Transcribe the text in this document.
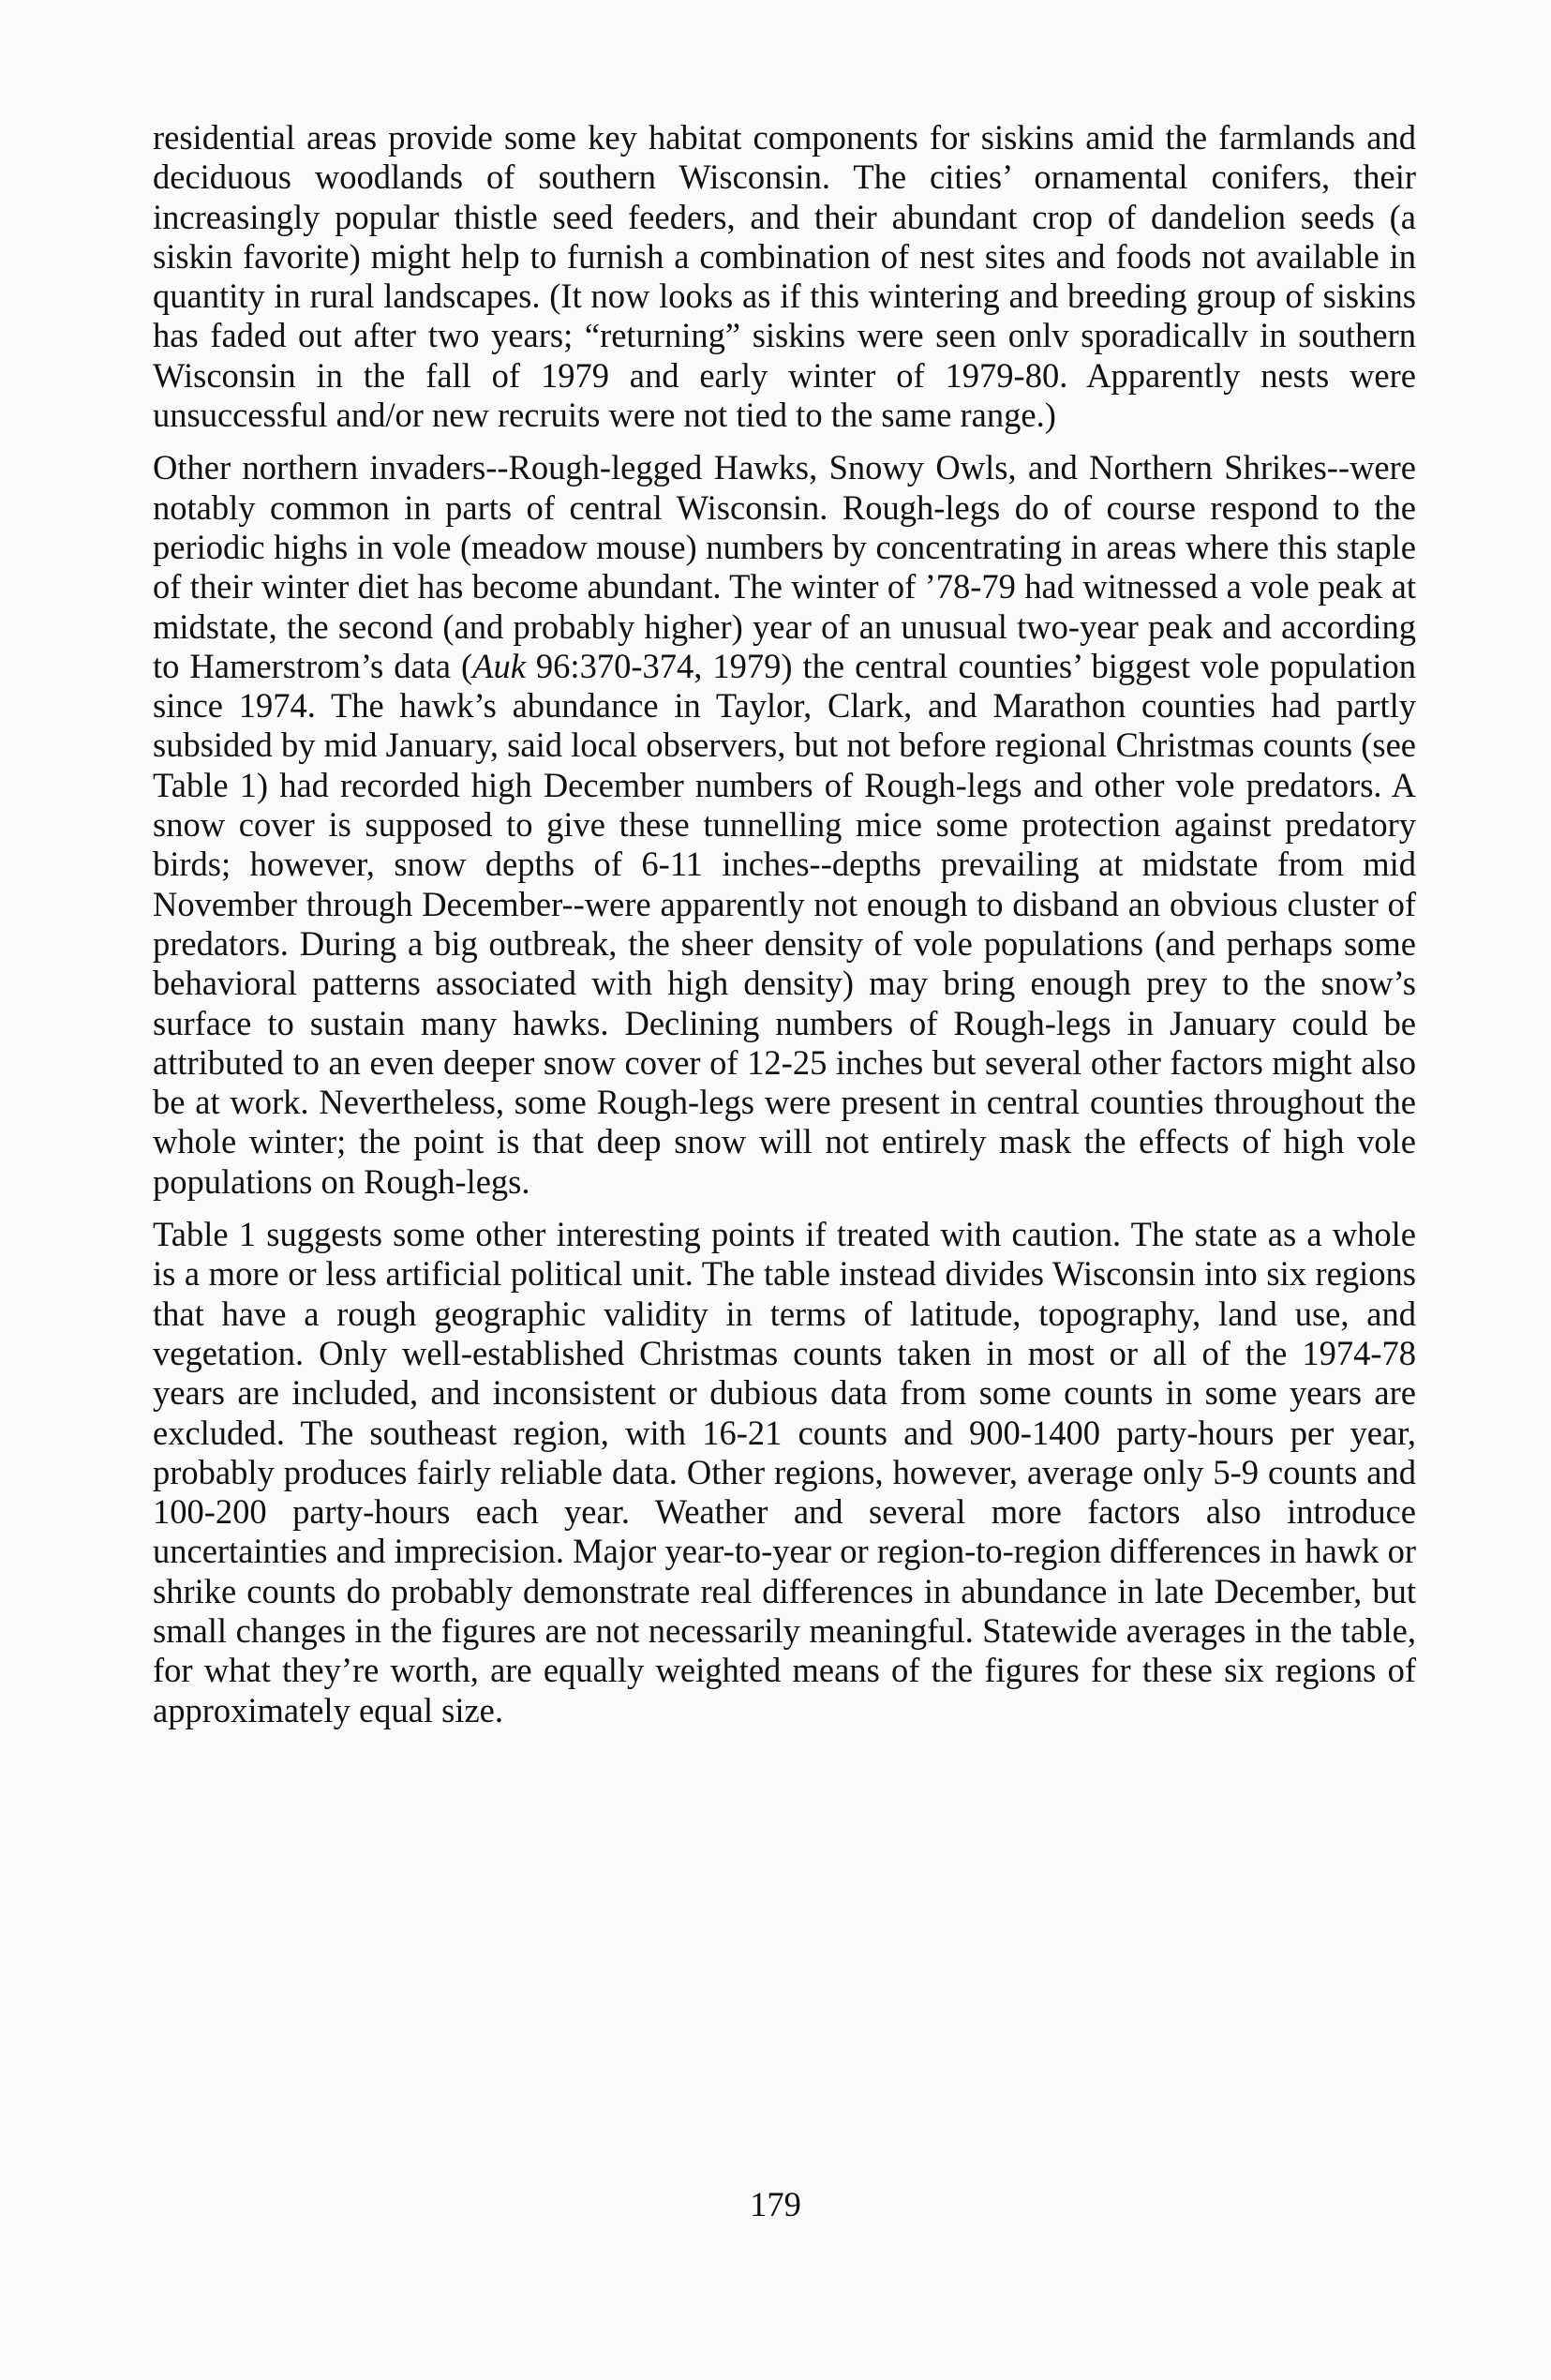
residential areas provide some key habitat components for siskins amid the farmlands and deciduous woodlands of southern Wisconsin. The cities’ ornamental conifers, their increasingly popular thistle seed feeders, and their abundant crop of dandelion seeds (a siskin favorite) might help to furnish a combination of nest sites and foods not available in quantity in rural landscapes. (It now looks as if this wintering and breeding group of siskins has faded out after two years; “returning” siskins were seen onlv sporadicallv in southern Wisconsin in the fall of 1979 and early winter of 1979-80. Apparently nests were unsuccessful and/or new recruits were not tied to the same range.)

Other northern invaders--Rough-legged Hawks, Snowy Owls, and Northern Shrikes--were notably common in parts of central Wisconsin. Rough-legs do of course respond to the periodic highs in vole (meadow mouse) numbers by concentrating in areas where this staple of their winter diet has become abundant. The winter of ’78-79 had witnessed a vole peak at midstate, the second (and probably higher) year of an unusual two-year peak and according to Hamerstrom’s data (Auk 96:370-374, 1979) the central counties’ biggest vole population since 1974. The hawk’s abundance in Taylor, Clark, and Marathon counties had partly subsided by mid January, said local observers, but not before regional Christmas counts (see Table 1) had recorded high December numbers of Rough-legs and other vole predators. A snow cover is supposed to give these tunnelling mice some protection against predatory birds; however, snow depths of 6-11 inches--depths prevailing at midstate from mid November through December--were apparently not enough to disband an obvious cluster of predators. During a big outbreak, the sheer density of vole populations (and perhaps some behavioral patterns associated with high density) may bring enough prey to the snow’s surface to sustain many hawks. Declining numbers of Rough-legs in January could be attributed to an even deeper snow cover of 12-25 inches but several other factors might also be at work. Nevertheless, some Rough-legs were present in central counties throughout the whole winter; the point is that deep snow will not entirely mask the effects of high vole populations on Rough-legs.

Table 1 suggests some other interesting points if treated with caution. The state as a whole is a more or less artificial political unit. The table instead divides Wisconsin into six regions that have a rough geographic validity in terms of latitude, topography, land use, and vegetation. Only well-established Christmas counts taken in most or all of the 1974-78 years are included, and inconsistent or dubious data from some counts in some years are excluded. The southeast region, with 16-21 counts and 900-1400 party-hours per year, probably produces fairly reliable data. Other regions, however, average only 5-9 counts and 100-200 party-hours each year. Weather and several more factors also introduce uncertainties and imprecision. Major year-to-year or region-to-region differences in hawk or shrike counts do probably demonstrate real differences in abundance in late December, but small changes in the figures are not necessarily meaningful. Statewide averages in the table, for what they’re worth, are equally weighted means of the figures for these six regions of approximately equal size.

179
